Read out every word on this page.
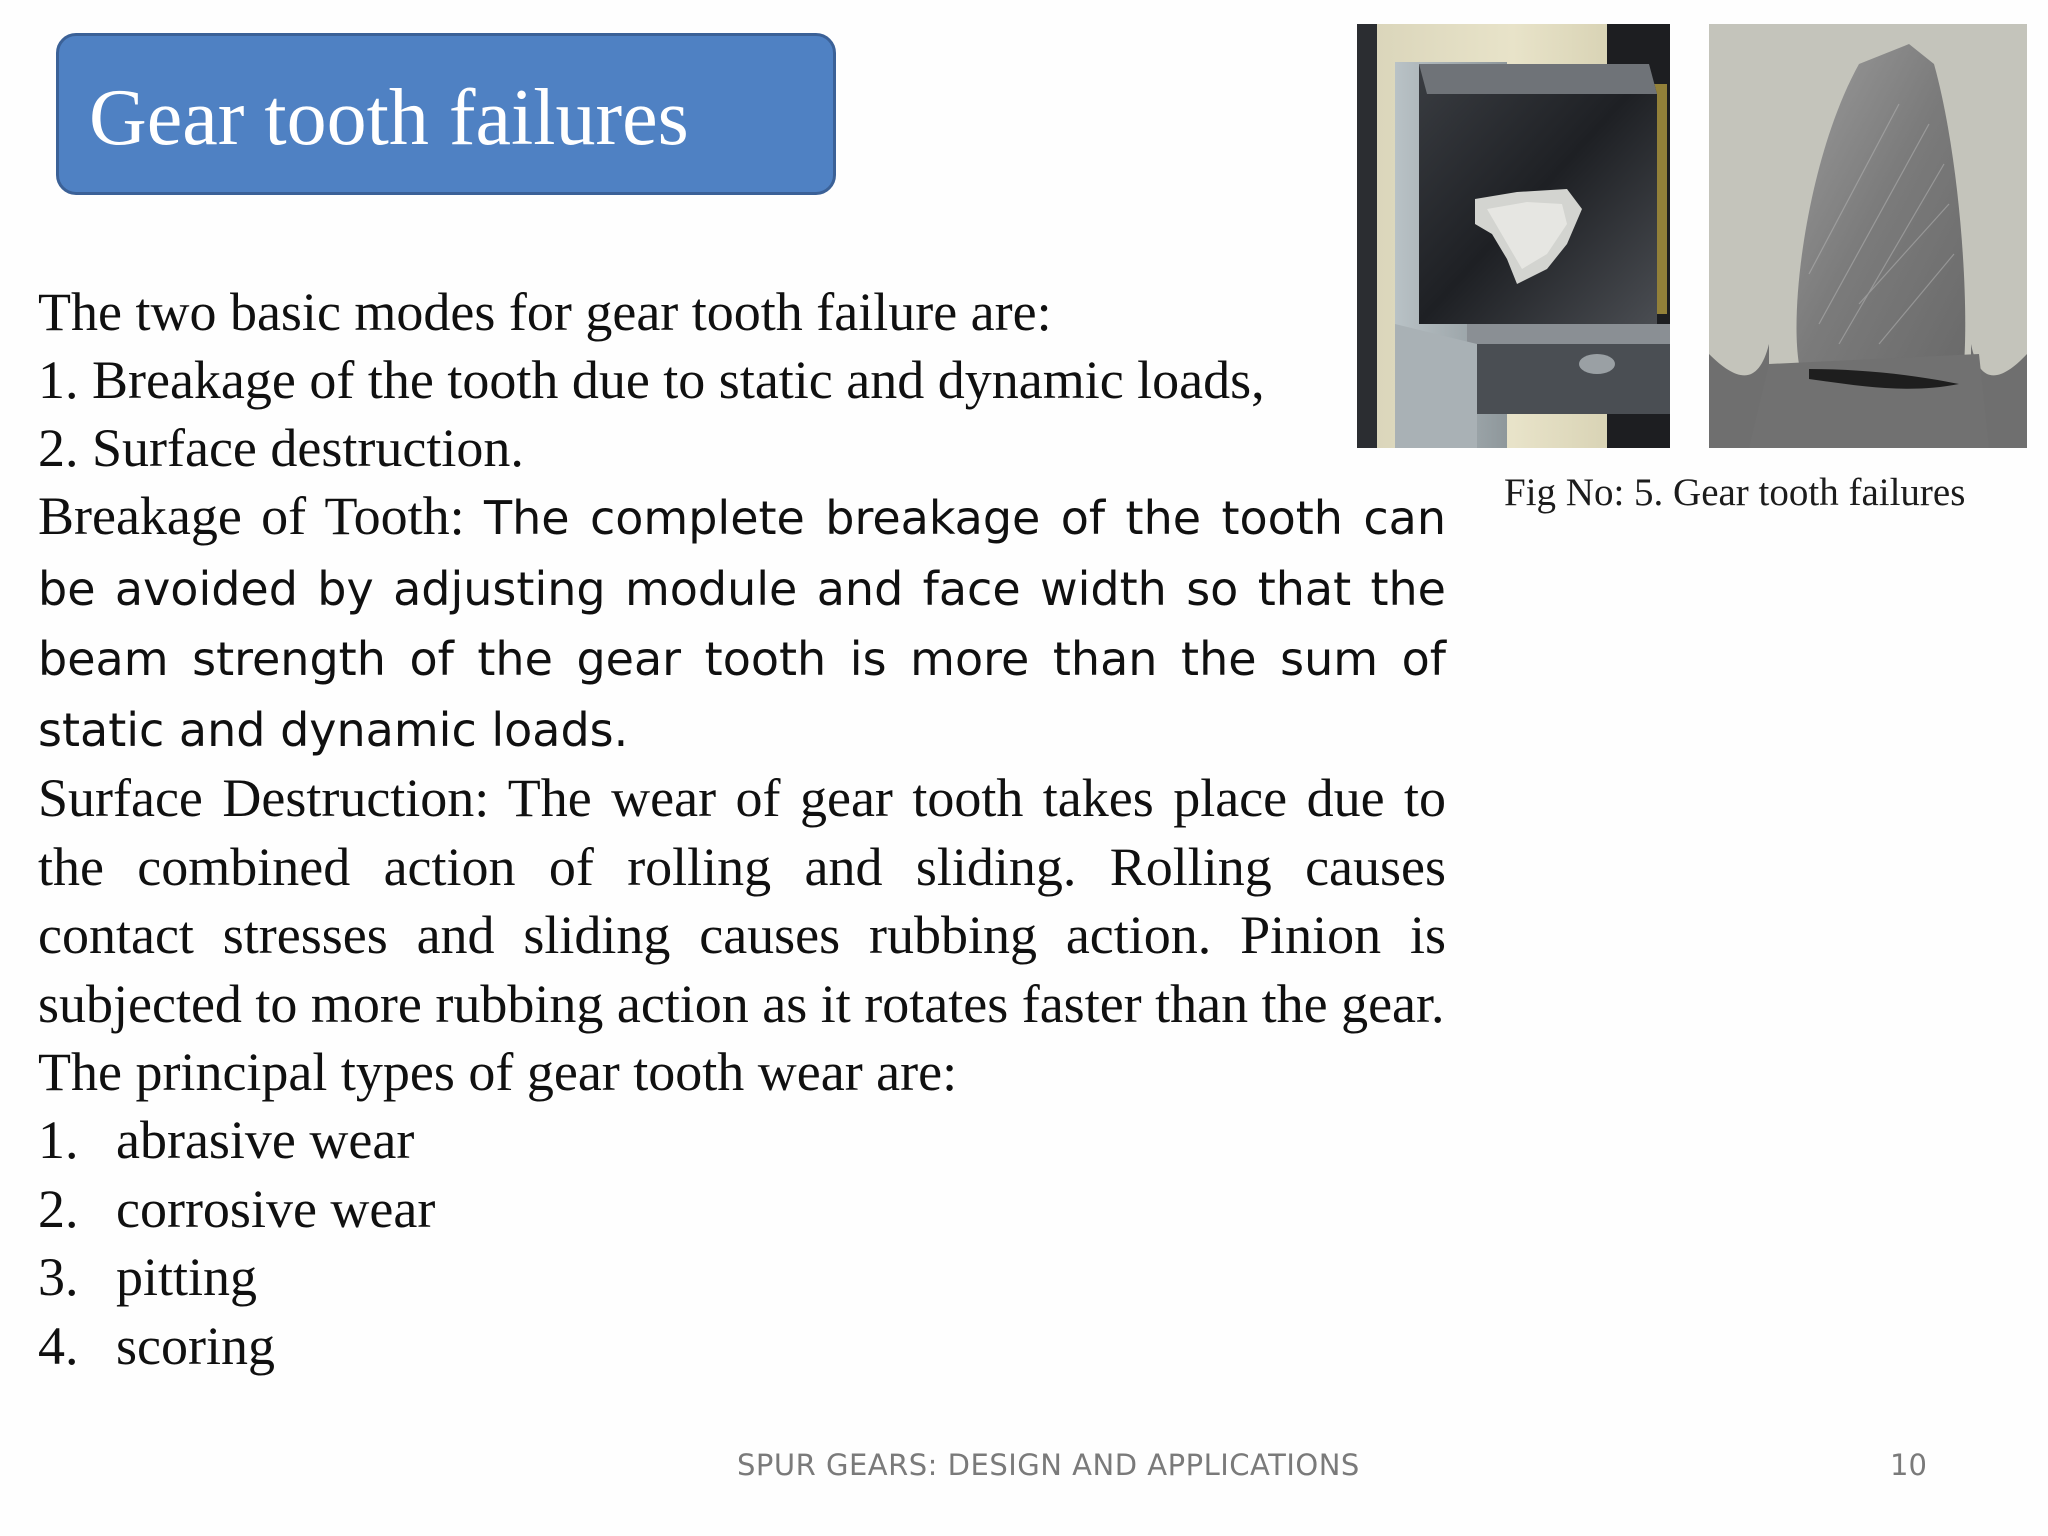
Gear tooth failures
Fig No: 5. Gear tooth failures
The two basic modes for gear tooth failure are:
1. Breakage of the tooth due to static and dynamic loads,
2. Surface destruction.
Breakage of Tooth: The complete breakage of the tooth can be avoided by adjusting module and face width so that the beam strength of the gear tooth is more than the sum of static and dynamic loads.
Surface Destruction: The wear of gear tooth takes place due to the combined action of rolling and sliding. Rolling causes contact stresses and sliding causes rubbing action. Pinion is subjected to more rubbing action as it rotates faster than the gear.
The principal types of gear tooth wear are:
1. abrasive wear
2. corrosive wear
3. pitting
4. scoring
SPUR GEARS: DESIGN AND APPLICATIONS	10
